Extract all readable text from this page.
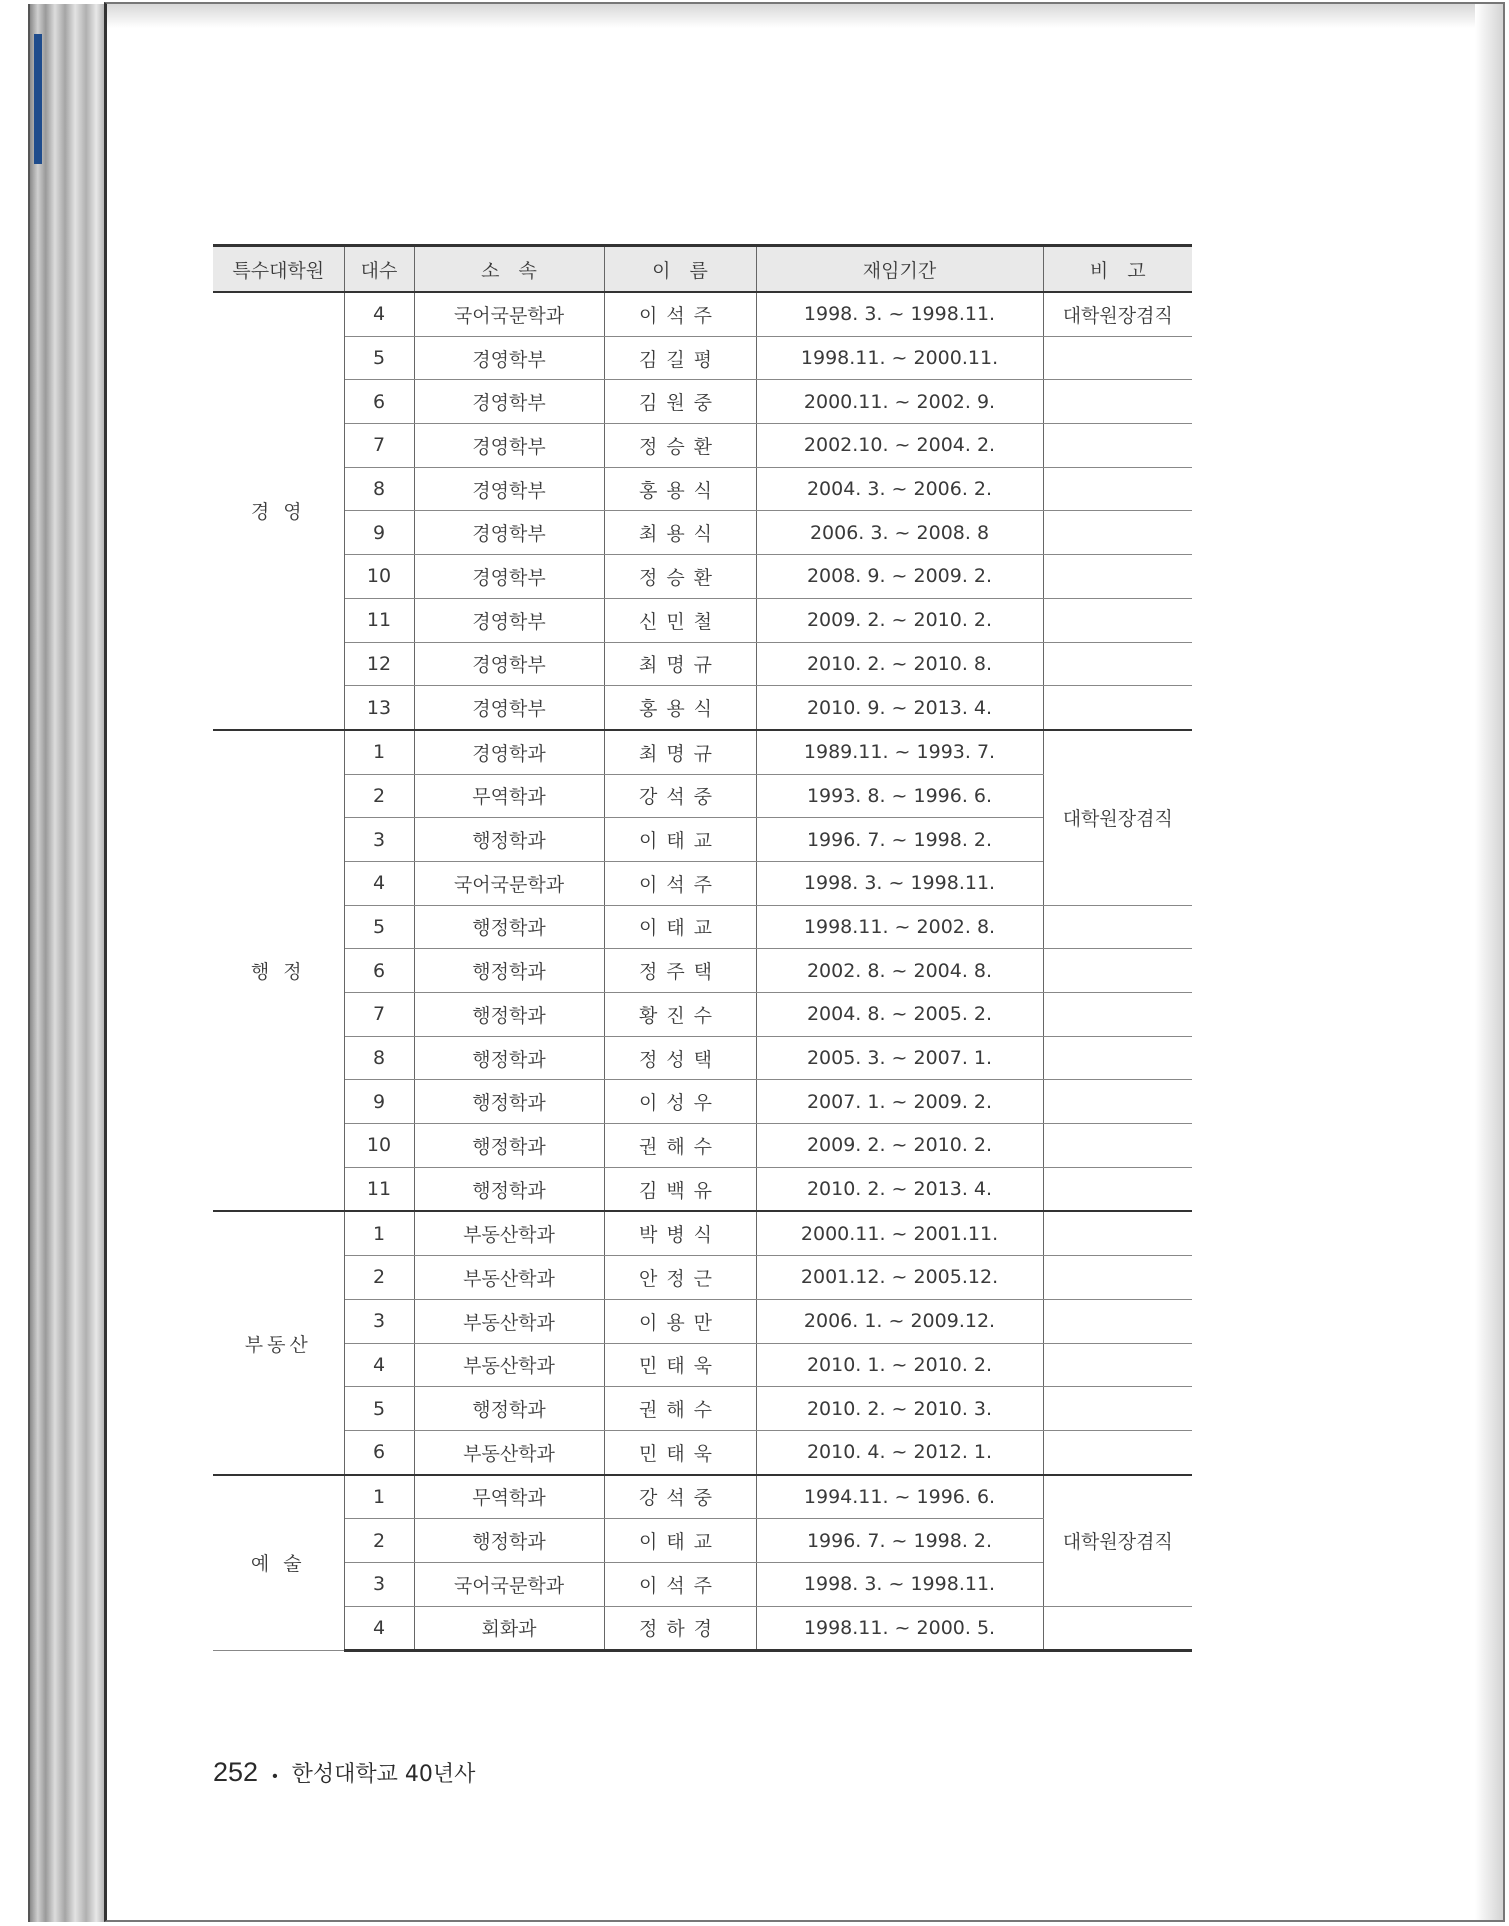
특수대학원	대수	소　속	이　름	재임기간	비　고
경 영	4	국어국문학과	이석주	1998. 3. ~ 1998.11.	대학원장겸직
	5	경영학부	김길평	1998.11. ~ 2000.11.	
	6	경영학부	김원중	2000.11. ~ 2002. 9.	
	7	경영학부	정승환	2002.10. ~ 2004. 2.	
	8	경영학부	홍용식	2004. 3. ~ 2006. 2.	
	9	경영학부	최용식	2006. 3. ~ 2008. 8	
	10	경영학부	정승환	2008. 9. ~ 2009. 2.	
	11	경영학부	신민철	2009. 2. ~ 2010. 2.	
	12	경영학부	최명규	2010. 2. ~ 2010. 8.	
	13	경영학부	홍용식	2010. 9. ~ 2013. 4.	
행 정	1	경영학과	최명규	1989.11. ~ 1993. 7.	대학원장겸직
	2	무역학과	강석중	1993. 8. ~ 1996. 6.	
	3	행정학과	이태교	1996. 7. ~ 1998. 2.	
	4	국어국문학과	이석주	1998. 3. ~ 1998.11.	
	5	행정학과	이태교	1998.11. ~ 2002. 8.	
	6	행정학과	정주택	2002. 8. ~ 2004. 8.	
	7	행정학과	황진수	2004. 8. ~ 2005. 2.	
	8	행정학과	정성택	2005. 3. ~ 2007. 1.	
	9	행정학과	이성우	2007. 1. ~ 2009. 2.	
	10	행정학과	권해수	2009. 2. ~ 2010. 2.	
	11	행정학과	김백유	2010. 2. ~ 2013. 4.	
부동산	1	부동산학과	박병식	2000.11. ~ 2001.11.	
	2	부동산학과	안정근	2001.12. ~ 2005.12.	
	3	부동산학과	이용만	2006. 1. ~ 2009.12.	
	4	부동산학과	민태욱	2010. 1. ~ 2010. 2.	
	5	행정학과	권해수	2010. 2. ~ 2010. 3.	
	6	부동산학과	민태욱	2010. 4. ~ 2012. 1.	
예 술	1	무역학과	강석중	1994.11. ~ 1996. 6.	대학원장겸직
	2	행정학과	이태교	1996. 7. ~ 1998. 2.	
	3	국어국문학과	이석주	1998. 3. ~ 1998.11.	
	4	회화과	정하경	1998.11. ~ 2000. 5.	
252 • 한성대학교 40년사
